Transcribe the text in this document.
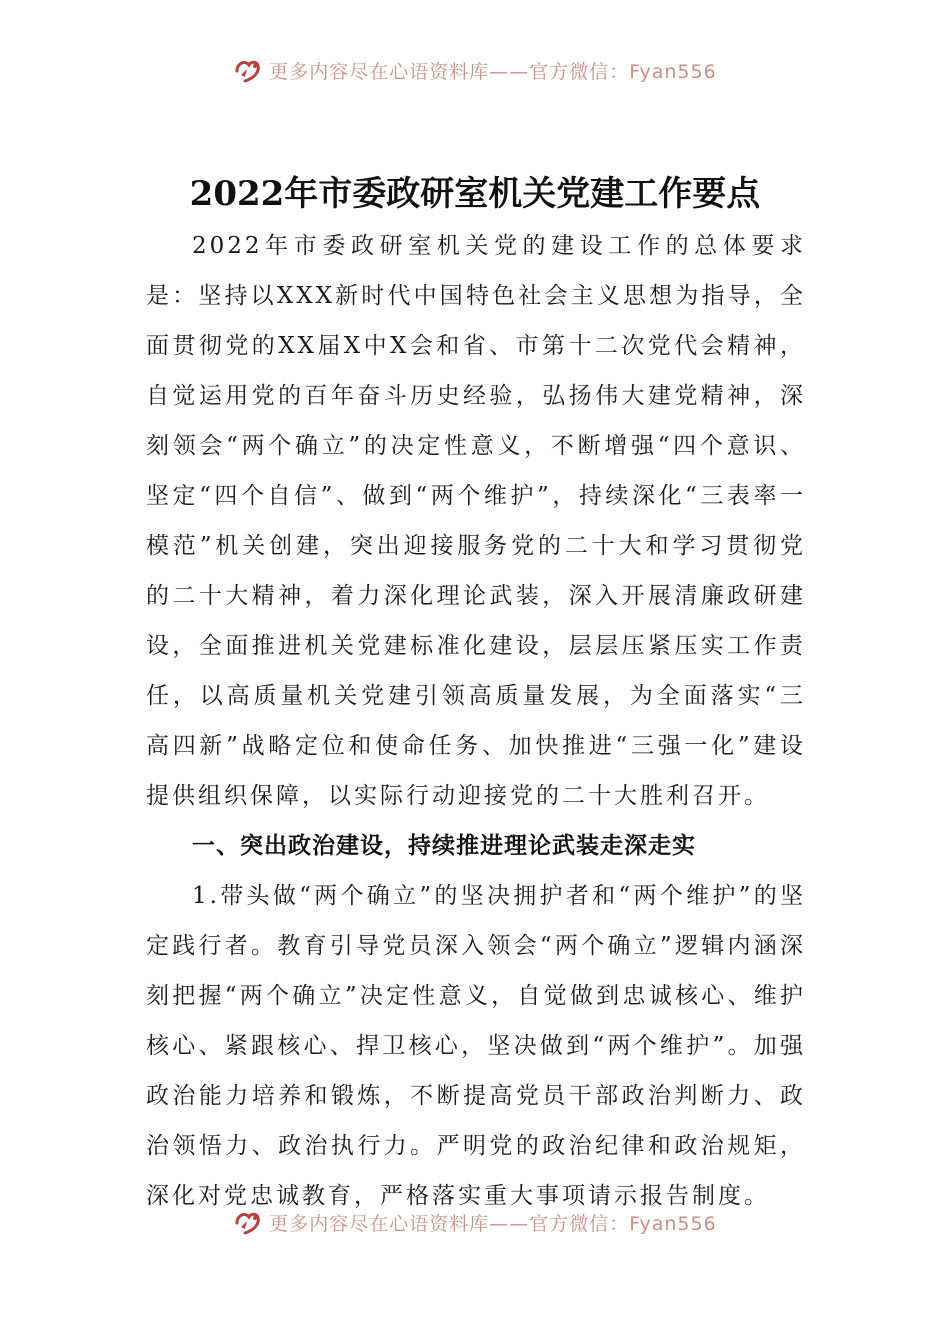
更多内容尽在心语资料库——官方微信：Fyan556
2022年市委政研室机关党建工作要点

2022年市委政研室机关党的建设工作的总体要求是：坚持以XXX新时代中国特色社会主义思想为指导，全面贯彻党的XX届X中X会和省、市第十二次党代会精神，自觉运用党的百年奋斗历史经验，弘扬伟大建党精神，深刻领会“两个确立”的决定性意义，不断增强“四个意识、坚定“四个自信”、做到“两个维护”，持续深化“三表率一模范”机关创建，突出迎接服务党的二十大和学习贯彻党的二十大精神，着力深化理论武装，深入开展清廉政研建设，全面推进机关党建标准化建设，层层压紧压实工作责任，以高质量机关党建引领高质量发展，为全面落实“三高四新”战略定位和使命任务、加快推进“三强一化”建设提供组织保障，以实际行动迎接党的二十大胜利召开。

一、突出政治建设，持续推进理论武装走深走实

1.带头做“两个确立”的坚决拥护者和“两个维护”的坚定践行者。教育引导党员深入领会“两个确立”逻辑内涵深刻把握“两个确立”决定性意义，自觉做到忠诚核心、维护核心、紧跟核心、捍卫核心，坚决做到“两个维护”。加强政治能力培养和锻炼，不断提高党员干部政治判断力、政治领悟力、政治执行力。严明党的政治纪律和政治规矩，深化对党忠诚教育，严格落实重大事项请示报告制度。

更多内容尽在心语资料库——官方微信：Fyan556
